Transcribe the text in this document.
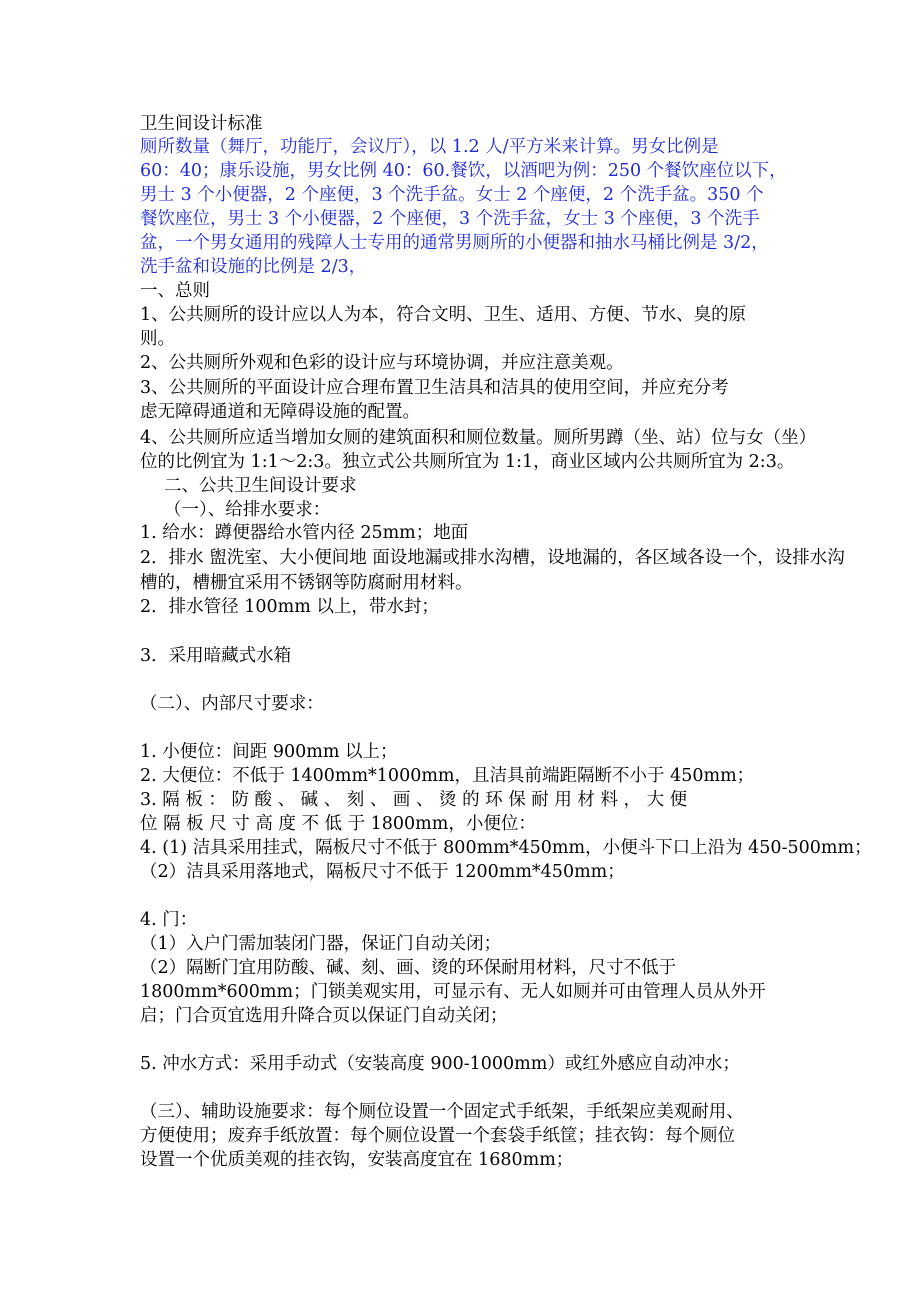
卫生间设计标准
厕所数量（舞厅，功能厅，会议厅），以 1.2 人/平方米来计算。男女比例是
60：40；康乐设施，男女比例 40：60.餐饮，以酒吧为例：250 个餐饮座位以下，
男士 3 个小便器，2 个座便，3 个洗手盆。女士 2 个座便，2 个洗手盆。350 个
餐饮座位，男士 3 个小便器，2 个座便，3 个洗手盆，女士 3 个座便，3 个洗手
盆，一个男女通用的残障人士专用的通常男厕所的小便器和抽水马桶比例是 3/2，
洗手盆和设施的比例是 2/3，
一、总则
1、公共厕所的设计应以人为本，符合文明、卫生、适用、方便、节水、臭的原
则。
2、公共厕所外观和色彩的设计应与环境协调，并应注意美观。
3、公共厕所的平面设计应合理布置卫生洁具和洁具的使用空间，并应充分考
虑无障碍通道和无障碍设施的配置。
4、公共厕所应适当增加女厕的建筑面积和厕位数量。厕所男蹲（坐、站）位与女（坐）
位的比例宜为 1:1～2:3。独立式公共厕所宜为 1:1，商业区域内公共厕所宜为 2:3。
二、公共卫生间设计要求
（一）、给排水要求：
1. 给水：蹲便器给水管内径 25mm；地面
2．排水 盥洗室、大小便间地 面设地漏或排水沟槽，设地漏的，各区域各设一个，设排水沟
槽的，槽栅宜采用不锈钢等防腐耐用材料。
2．排水管径 100mm 以上，带水封；
3．采用暗藏式水箱
（二）、内部尺寸要求：
1. 小便位：间距 900mm 以上；
2. 大便位：不低于 1400mm*1000mm，且洁具前端距隔断不小于 450mm；
3. 隔 板 ： 防 酸 、 碱 、 刻 、 画 、 烫 的 环 保 耐 用 材 料 ， 大 便
位 隔 板 尺 寸 高 度 不 低 于 1800mm，小便位：
4. (1) 洁具采用挂式，隔板尺寸不低于 800mm*450mm，小便斗下口上沿为 450-500mm；
（2）洁具采用落地式，隔板尺寸不低于 1200mm*450mm；
4. 门：
（1）入户门需加装闭门器，保证门自动关闭；
（2）隔断门宜用防酸、碱、刻、画、烫的环保耐用材料，尺寸不低于
1800mm*600mm；门锁美观实用，可显示有、无人如厕并可由管理人员从外开
启；门合页宜选用升降合页以保证门自动关闭；
5. 冲水方式：采用手动式（安装高度 900-1000mm）或红外感应自动冲水；
（三）、辅助设施要求：每个厕位设置一个固定式手纸架，手纸架应美观耐用、
方便使用；废弃手纸放置：每个厕位设置一个套袋手纸筐；挂衣钩：每个厕位
设置一个优质美观的挂衣钩，安装高度宜在 1680mm；
